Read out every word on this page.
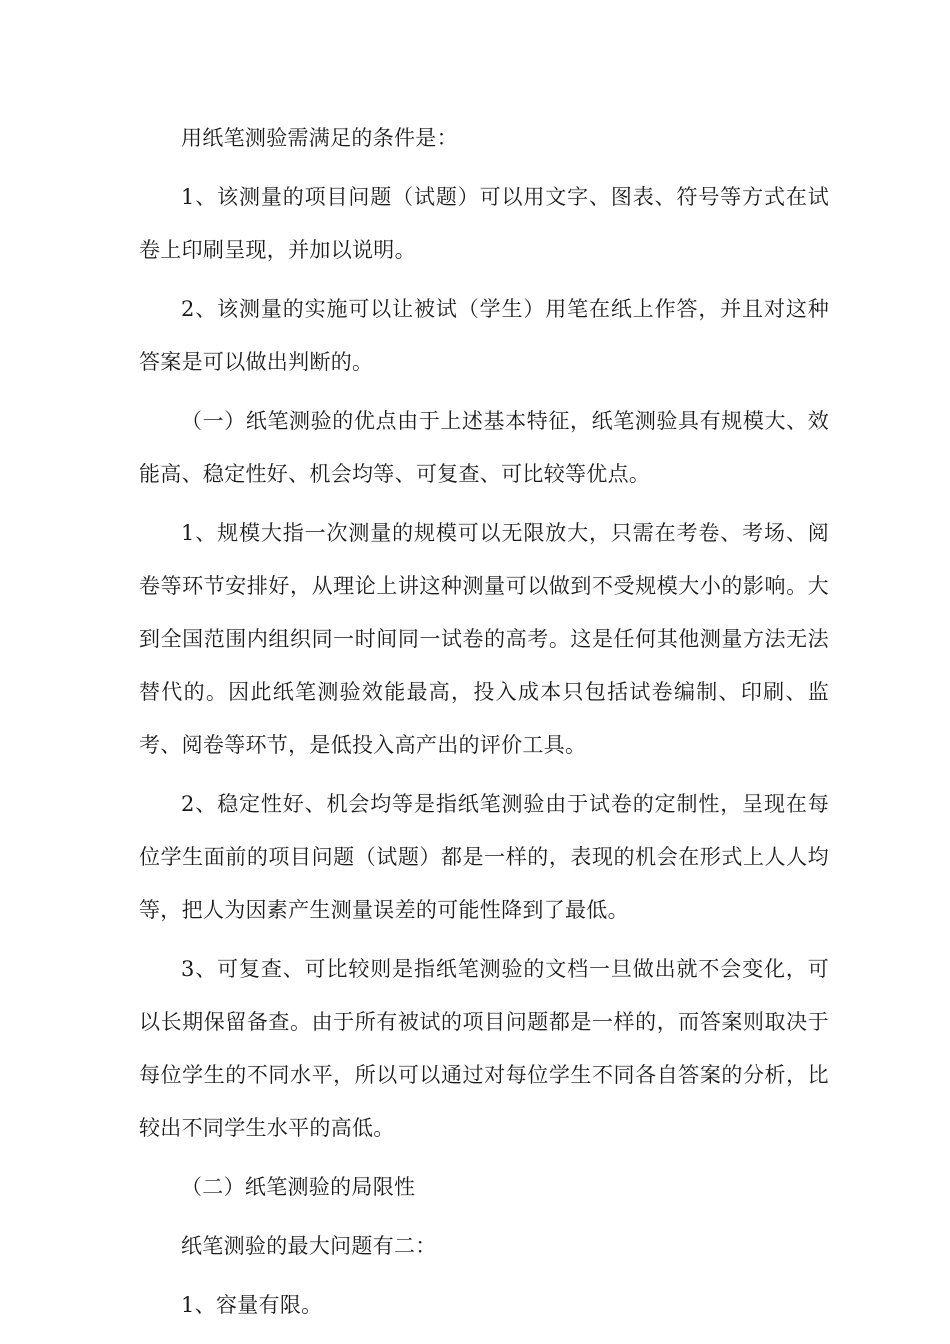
用纸笔测验需满足的条件是：

1、该测量的项目问题（试题）可以用文字、图表、符号等方式在试卷上印刷呈现，并加以说明。

2、该测量的实施可以让被试（学生）用笔在纸上作答，并且对这种答案是可以做出判断的。

（一）纸笔测验的优点由于上述基本特征，纸笔测验具有规模大、效能高、稳定性好、机会均等、可复查、可比较等优点。

1、规模大指一次测量的规模可以无限放大，只需在考卷、考场、阅卷等环节安排好，从理论上讲这种测量可以做到不受规模大小的影响。大到全国范围内组织同一时间同一试卷的高考。这是任何其他测量方法无法替代的。因此纸笔测验效能最高，投入成本只包括试卷编制、印刷、监考、阅卷等环节，是低投入高产出的评价工具。

2、稳定性好、机会均等是指纸笔测验由于试卷的定制性，呈现在每位学生面前的项目问题（试题）都是一样的，表现的机会在形式上人人均等，把人为因素产生测量误差的可能性降到了最低。

3、可复查、可比较则是指纸笔测验的文档一旦做出就不会变化，可以长期保留备查。由于所有被试的项目问题都是一样的，而答案则取决于每位学生的不同水平，所以可以通过对每位学生不同各自答案的分析，比较出不同学生水平的高低。

（二）纸笔测验的局限性

纸笔测验的最大问题有二：

1、容量有限。
